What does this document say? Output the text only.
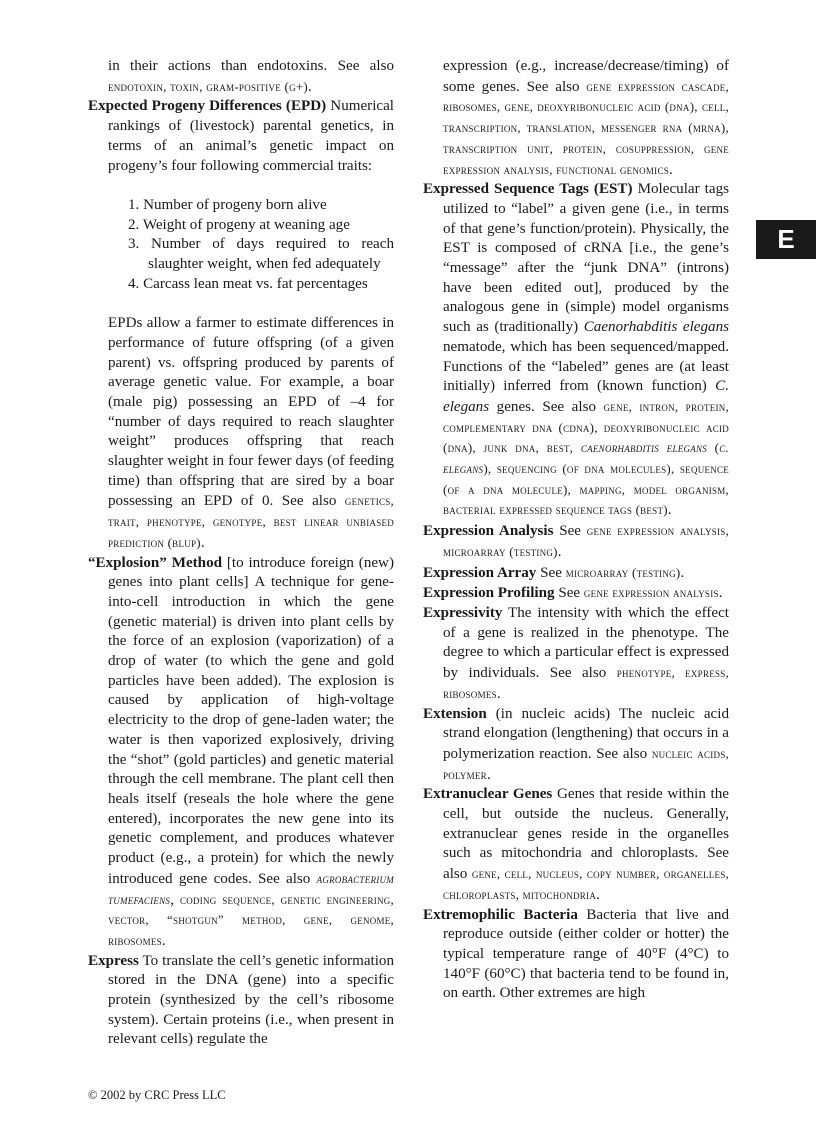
in their actions than endotoxins. See also endotoxin, toxin, gram-positive (g+).

Expected Progeny Differences (EPD) Numerical rankings of (livestock) parental genetics, in terms of an animal’s genetic impact on progeny’s four following commercial traits:

1. Number of progeny born alive
2. Weight of progeny at weaning age
3. Number of days required to reach slaughter weight, when fed adequately
4. Carcass lean meat vs. fat percentages

EPDs allow a farmer to estimate differences in performance of future offspring (of a given parent) vs. offspring produced by parents of average genetic value. For example, a boar (male pig) possessing an EPD of –4 for “number of days required to reach slaughter weight” produces offspring that reach slaughter weight in four fewer days (of feeding time) than offspring that are sired by a boar possessing an EPD of 0. See also genetics, trait, phenotype, genotype, best linear unbiased prediction (blup).

“Explosion” Method [to introduce foreign (new) genes into plant cells] A technique for gene-into-cell introduction in which the gene (genetic material) is driven into plant cells by the force of an explosion (vaporization) of a drop of water (to which the gene and gold particles have been added). The explosion is caused by application of high-voltage electricity to the drop of gene-laden water; the water is then vaporized explosively, driving the “shot” (gold particles) and genetic material through the cell membrane. The plant cell then heals itself (reseals the hole where the gene entered), incorporates the new gene into its genetic complement, and produces whatever product (e.g., a protein) for which the newly introduced gene codes. See also agrobacterium tumefaciens, coding sequence, genetic engineering, vector, “shotgun” method, gene, genome, ribosomes.

Express To translate the cell’s genetic information stored in the DNA (gene) into a specific protein (synthesized by the cell’s ribosome system). Certain proteins (i.e., when present in relevant cells) regulate the

expression (e.g., increase/decrease/timing) of some genes. See also gene expression cascade, ribosomes, gene, deoxyribonucleic acid (dna), cell, transcription, translation, messenger rna (mrna), transcription unit, protein, cosuppression, gene expression analysis, functional genomics.

Expressed Sequence Tags (EST) Molecular tags utilized to “label” a given gene (i.e., in terms of that gene’s function/protein). Physically, the EST is composed of cRNA [i.e., the gene’s “message” after the “junk DNA” (introns) have been edited out], produced by the analogous gene in (simple) model organisms such as (traditionally) Caenorhabditis elegans nematode, which has been sequenced/mapped. Functions of the “labeled” genes are (at least initially) inferred from (known function) C. elegans genes. See also gene, intron, protein, complementary dna (cdna), deoxyribonucleic acid (dna), junk dna, best, caenorhabditis elegans (c. elegans), sequencing (of dna molecules), sequence (of a dna molecule), mapping, model organism, bacterial expressed sequence tags (best).

Expression Analysis See gene expression analysis, microarray (testing).

Expression Array See microarray (testing).

Expression Profiling See gene expression analysis.

Expressivity The intensity with which the effect of a gene is realized in the phenotype. The degree to which a particular effect is expressed by individuals. See also phenotype, express, ribosomes.

Extension (in nucleic acids) The nucleic acid strand elongation (lengthening) that occurs in a polymerization reaction. See also nucleic acids, polymer.

Extranuclear Genes Genes that reside within the cell, but outside the nucleus. Generally, extranuclear genes reside in the organelles such as mitochondria and chloroplasts. See also gene, cell, nucleus, copy number, organelles, chloroplasts, mitochondria.

Extremophilic Bacteria Bacteria that live and reproduce outside (either colder or hotter) the typical temperature range of 40°F (4°C) to 140°F (60°C) that bacteria tend to be found in, on earth. Other extremes are high

E
© 2002 by CRC Press LLC
